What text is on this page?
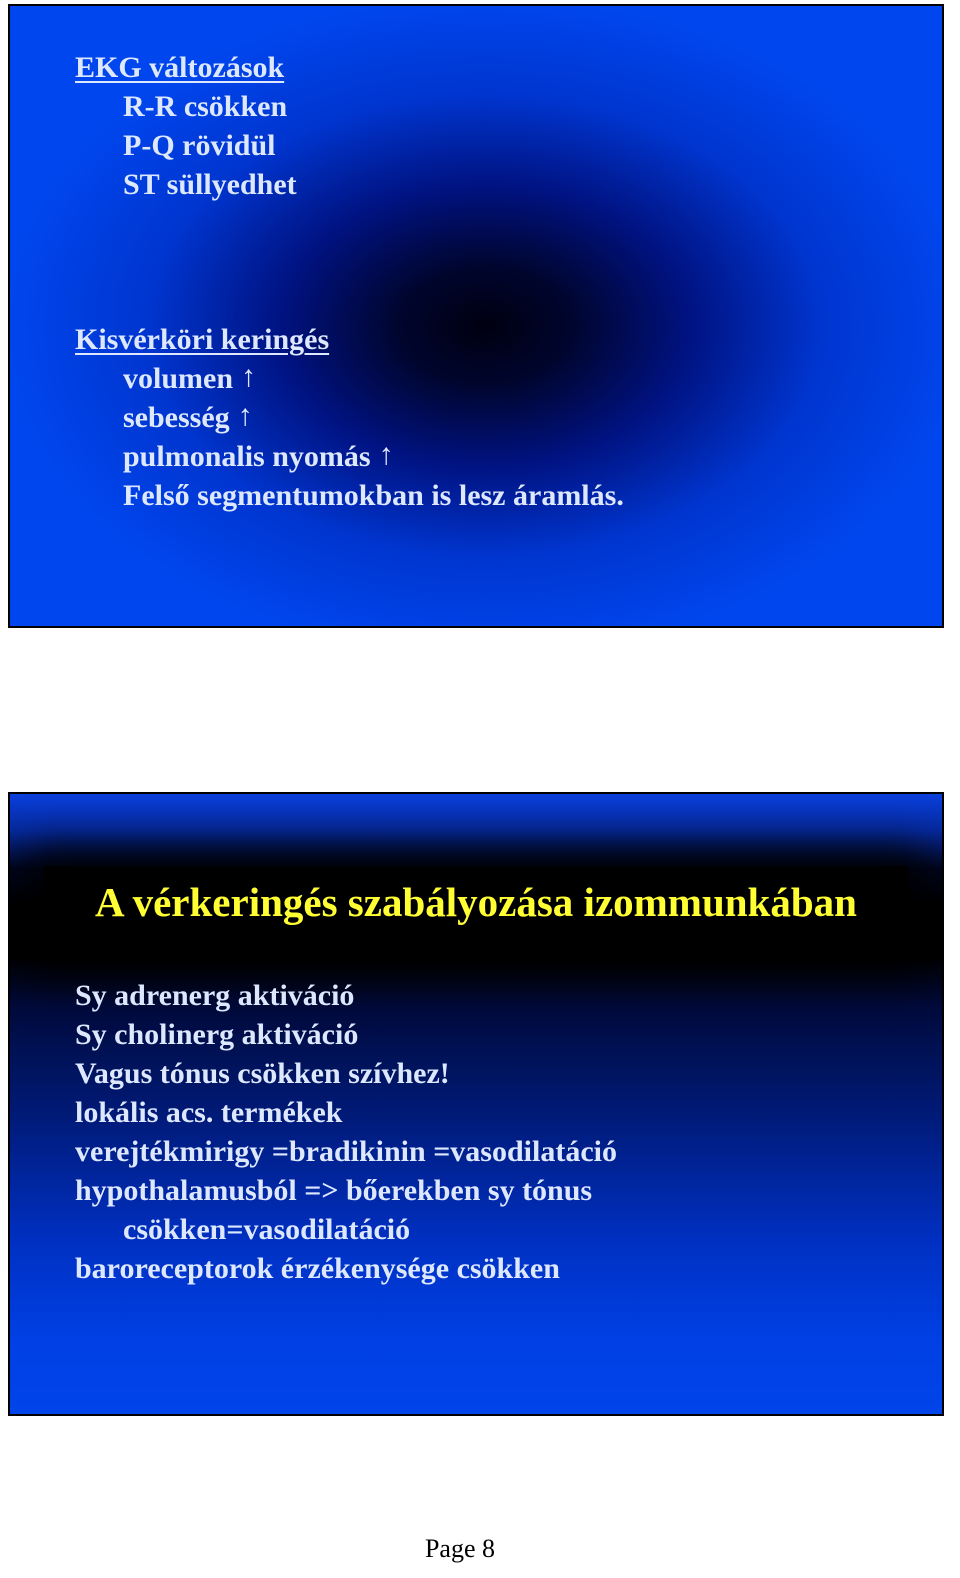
EKG változások
R-R csökken
P-Q rövidül
ST süllyedhet
Kisvérköri keringés
volumen ↑
sebesség ↑
pulmonalis nyomás ↑
Felső segmentumokban is lesz áramlás.
A vérkeringés szabályozása izommunkában
Sy adrenerg aktiváció
Sy cholinerg aktiváció
Vagus tónus csökken szívhez!
lokális acs. termékek
verejtékmirigy =bradikinin =vasodilatáció
hypothalamusból => bőerekben sy tónus
csökken=vasodilatáció
baroreceptorok érzékenysége csökken
Page 8
